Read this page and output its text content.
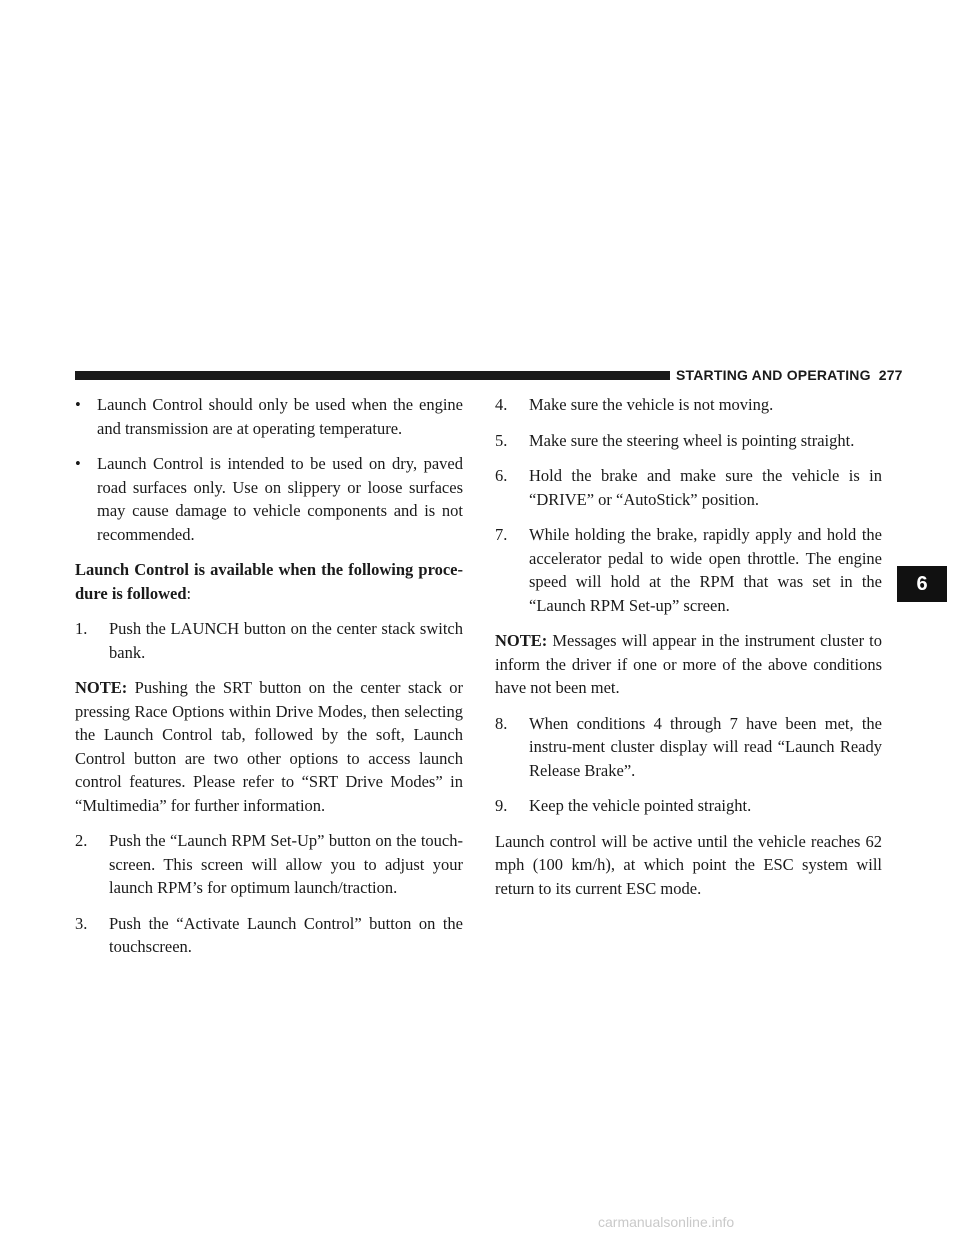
STARTING AND OPERATING 277
6
• Launch Control should only be used when the engine and transmission are at operating temperature.
• Launch Control is intended to be used on dry, paved road surfaces only. Use on slippery or loose surfaces may cause damage to vehicle components and is not recommended.

Launch Control is available when the following proce-dure is followed:

1. Push the LAUNCH button on the center stack switch bank.

NOTE: Pushing the SRT button on the center stack or pressing Race Options within Drive Modes, then selecting the Launch Control tab, followed by the soft, Launch Control button are two other options to access launch control features. Please refer to “SRT Drive Modes” in “Multimedia” for further information.

2. Push the “Launch RPM Set-Up” button on the touch-screen. This screen will allow you to adjust your launch RPM’s for optimum launch/traction.
3. Push the “Activate Launch Control” button on the touchscreen.
4. Make sure the vehicle is not moving.
5. Make sure the steering wheel is pointing straight.
6. Hold the brake and make sure the vehicle is in “DRIVE” or “AutoStick” position.
7. While holding the brake, rapidly apply and hold the accelerator pedal to wide open throttle. The engine speed will hold at the RPM that was set in the “Launch RPM Set-up” screen.

NOTE: Messages will appear in the instrument cluster to inform the driver if one or more of the above conditions have not been met.

8. When conditions 4 through 7 have been met, the instru-ment cluster display will read “Launch Ready Release Brake”.
9. Keep the vehicle pointed straight.

Launch control will be active until the vehicle reaches 62 mph (100 km/h), at which point the ESC system will return to its current ESC mode.

carmanualsonline.info
